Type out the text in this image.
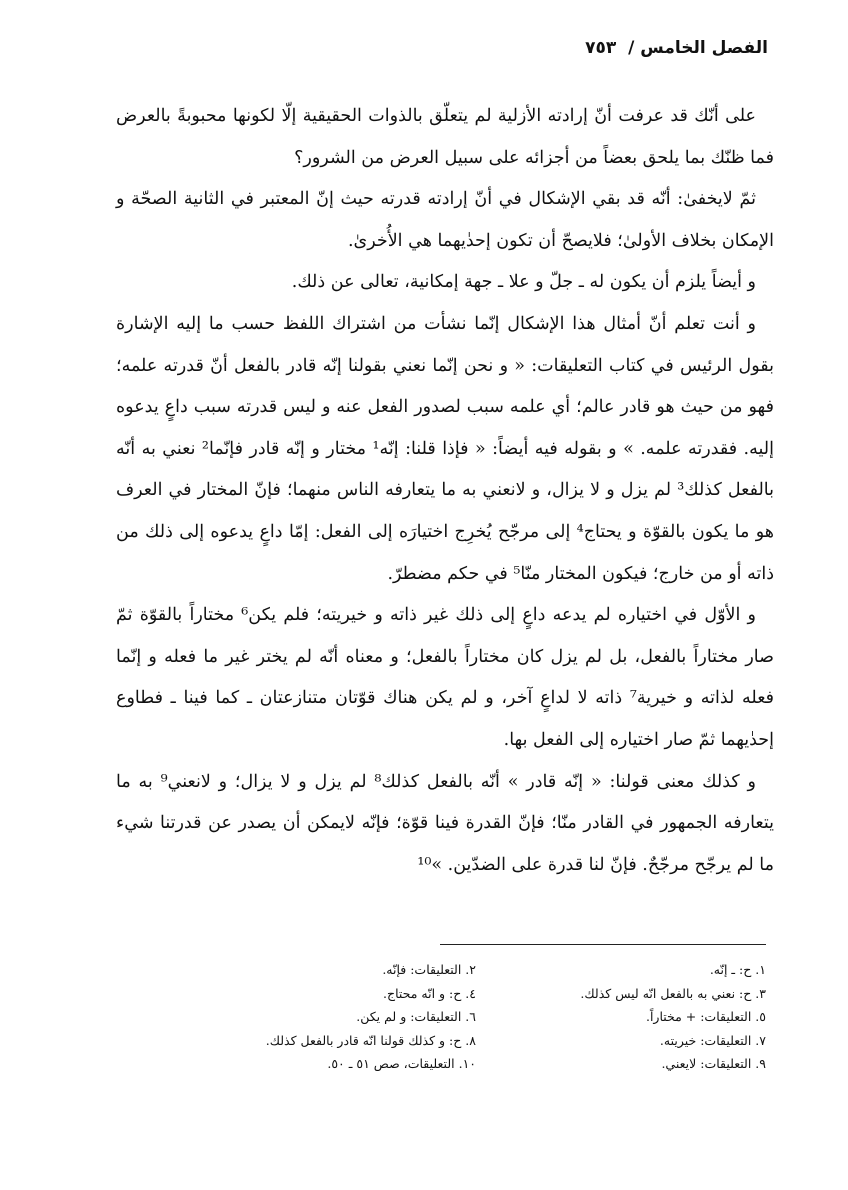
الفصل الخامس / ٧٥٣

على أنّك قد عرفت أنّ إرادته الأزلية لم يتعلّق بالذوات الحقيقية إلّا لكونها محبوبةً بالعرض فما ظنّك بما يلحق بعضاً من أجزائه على سبيل العرض من الشرور؟

ثمّ لايخفىٰ: أنّه قد بقي الإشكال في أنّ إرادته قدرته حيث إنّ المعتبر في الثانية الصحّة و الإمكان بخلاف الأولىٰ؛ فلايصحّ أن تكون إحدٰيهما هي الأُخرىٰ.

و أيضاً يلزم أن يكون له ـ جلّ و علا ـ جهة إمكانية، تعالى عن ذلك.

و أنت تعلم أنّ أمثال هذا الإشكال إنّما نشأت من اشتراك اللفظ حسب ما إليه الإشارة بقول الرئيس في كتاب التعليقات: « و نحن إنّما نعني بقولنا إنّه قادر بالفعل أنّ قدرته علمه؛ فهو من حيث هو قادر عالم؛ أي علمه سبب لصدور الفعل عنه و ليس قدرته سبب داعٍ يدعوه إليه. فقدرته علمه. » و بقوله فيه أيضاً: « فإذا قلنا: إنّه¹ مختار و إنّه قادر فإنّما² نعني به أنّه بالفعل كذلك³ لم يزل و لا يزال، و لانعني به ما يتعارفه الناس منهما؛ فإنّ المختار في العرف هو ما يكون بالقوّة و يحتاج⁴ إلى مرجّح يُخرِج اختيارَه إلى الفعل: إمّا داعٍ يدعوه إلى ذلك من ذاته أو من خارج؛ فيكون المختار منّا⁵ في حكم مضطرّ.

و الأوّل في اختياره لم يدعه داعٍ إلى ذلك غير ذاته و خيريته؛ فلم يكن⁶ مختاراً بالقوّة ثمّ صار مختاراً بالفعل، بل لم يزل كان مختاراً بالفعل؛ و معناه أنّه لم يختر غير ما فعله و إنّما فعله لذاته و خيرية⁷ ذاته لا لداعٍ آخر، و لم يكن هناك قوّتان متنازعتان ـ كما فينا ـ فطاوع إحدٰيهما ثمّ صار اختياره إلى الفعل بها.

و كذلك معنى قولنا: « إنّه قادر » أنّه بالفعل كذلك⁸ لم يزل و لا يزال؛ و لانعني⁹ به ما يتعارفه الجمهور في القادر منّا؛ فإنّ القدرة فينا قوّة؛ فإنّه لايمكن أن يصدر عن قدرتنا شيء ما لم يرجّح مرجّحٌ. فإنّ لنا قدرة على الضدّين. »¹⁰

١. ح: ـ إنّه.
٢. التعليقات: فإنّه.
٣. ح: نعني به بالفعل انّه ليس كذلك.
٤. ح: و انّه محتاج.
٥. التعليقات: + مختاراً.
٦. التعليقات: و لم يكن.
٧. التعليقات: خيريته.
٨. ح: و كذلك قولنا انّه قادر بالفعل كذلك.
٩. التعليقات: لايعني.
١٠. التعليقات، صص ٥١ ـ ٥٠.
